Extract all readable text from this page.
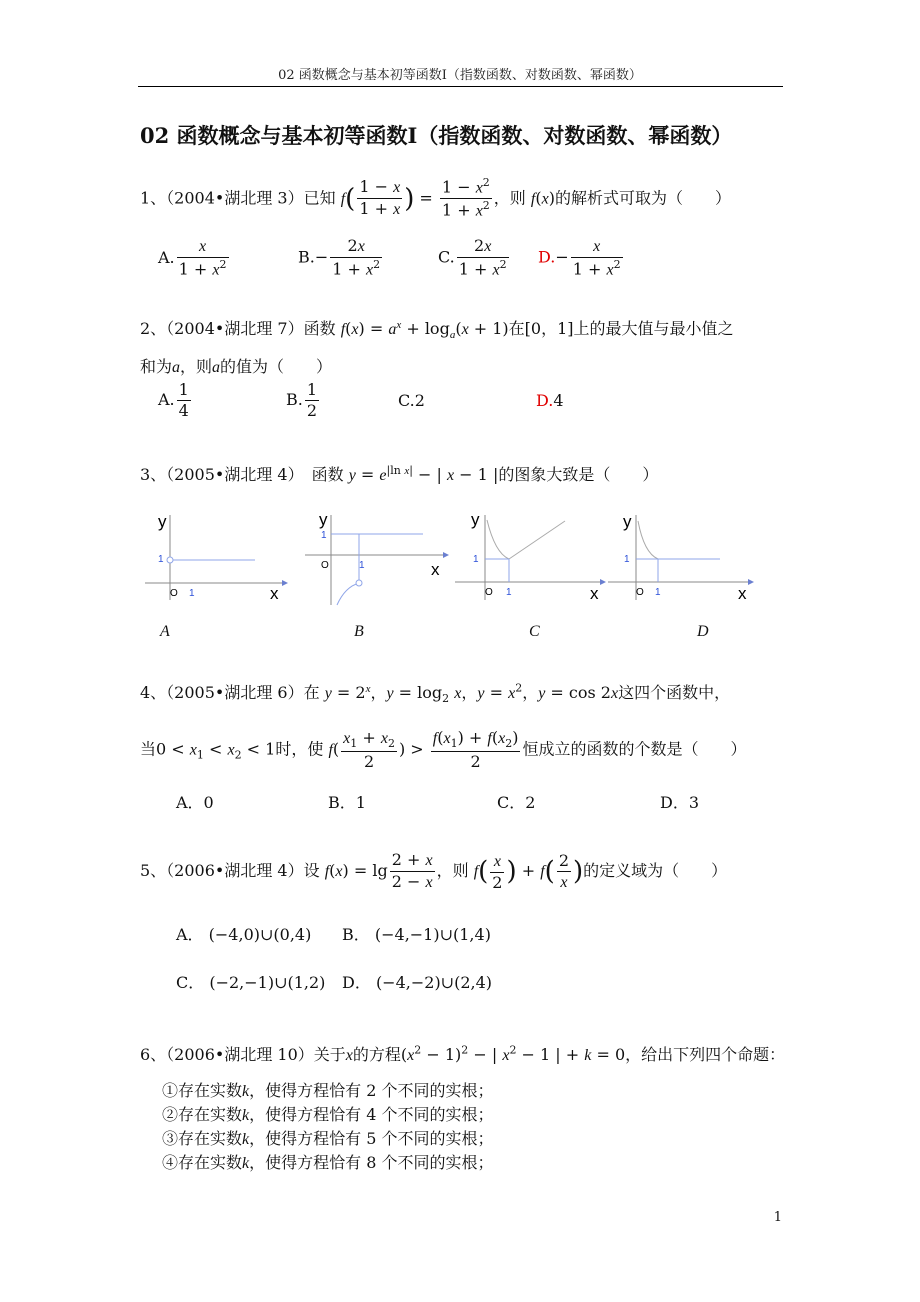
02 函数概念与基本初等函数Ⅰ（指数函数、对数函数、幂函数）
02 函数概念与基本初等函数Ⅰ（指数函数、对数函数、幂函数）
1、（2004•湖北理 3）已知 $f( \frac{1 - x}{1 + x}$ ) = $\frac{1 - x^2}{1 + x^2}$ ，则 f(x)的解析式可取为（　　）
A. $\frac{x}{1 + x^2}$	$B.- \frac{2x}{1 + x^2}$	C. $\frac{2x}{1 + x^2} D.- \frac{x}{1 + x^2}$
2、（2004•湖北理 7）函数 $f(x) = a^x + \log_a(x + 1)$在[0，1]上的最大值与最小值之
和为a，则a的值为（　　）
A. $\frac{1}{4}$	B. $\frac{1}{2}$	C.2	D.4
3、（2005•湖北理 4）　函数 $y = e^{|ln x|}$ − | x − 1 |的图象大致是（　　）
y
x
1
O 1
y
x
1
O	1
y
x
1
O 1
y
x
1
O 1
A	B	C	D
4、（2005•湖北理 6）在 $y = 2^x$，$y = \log_2 x$，$y = x^2$，y = cos 2x这四个函数中，
当$0 < x_1 < x_2 < 1$时，使 $f( \frac{x_1 + x_2}{2}$ ) > $\frac{f(x_1) + f(x_2)}{2}$ 恒成立的函数的个数是（　　）
A．0	B．1	C．2	D．3
5、（2006•湖北理 4）设 $f(x) = \lg \frac{2 + x}{2 - x}$ ，则 $f( \frac{x}{2}$ ) + $f( \frac{2}{x}$ )的定义域为（　　）
A． (−4,0)∪(0,4) B． (−4,−1)∪(1,4)
C． (−2,−1)∪(1,2) D． (−4,−2)∪(2,4)
6、（2006•湖北理 10）关于x的方程$(x^2 - 1)^2$ − | $x^2 - 1$ | + k = 0，给出下列四个命题：
①存在实数k，使得方程恰有 2 个不同的实根；
②存在实数k，使得方程恰有 4 个不同的实根；
③存在实数k，使得方程恰有 5 个不同的实根；
④存在实数k，使得方程恰有 8 个不同的实根；
1
